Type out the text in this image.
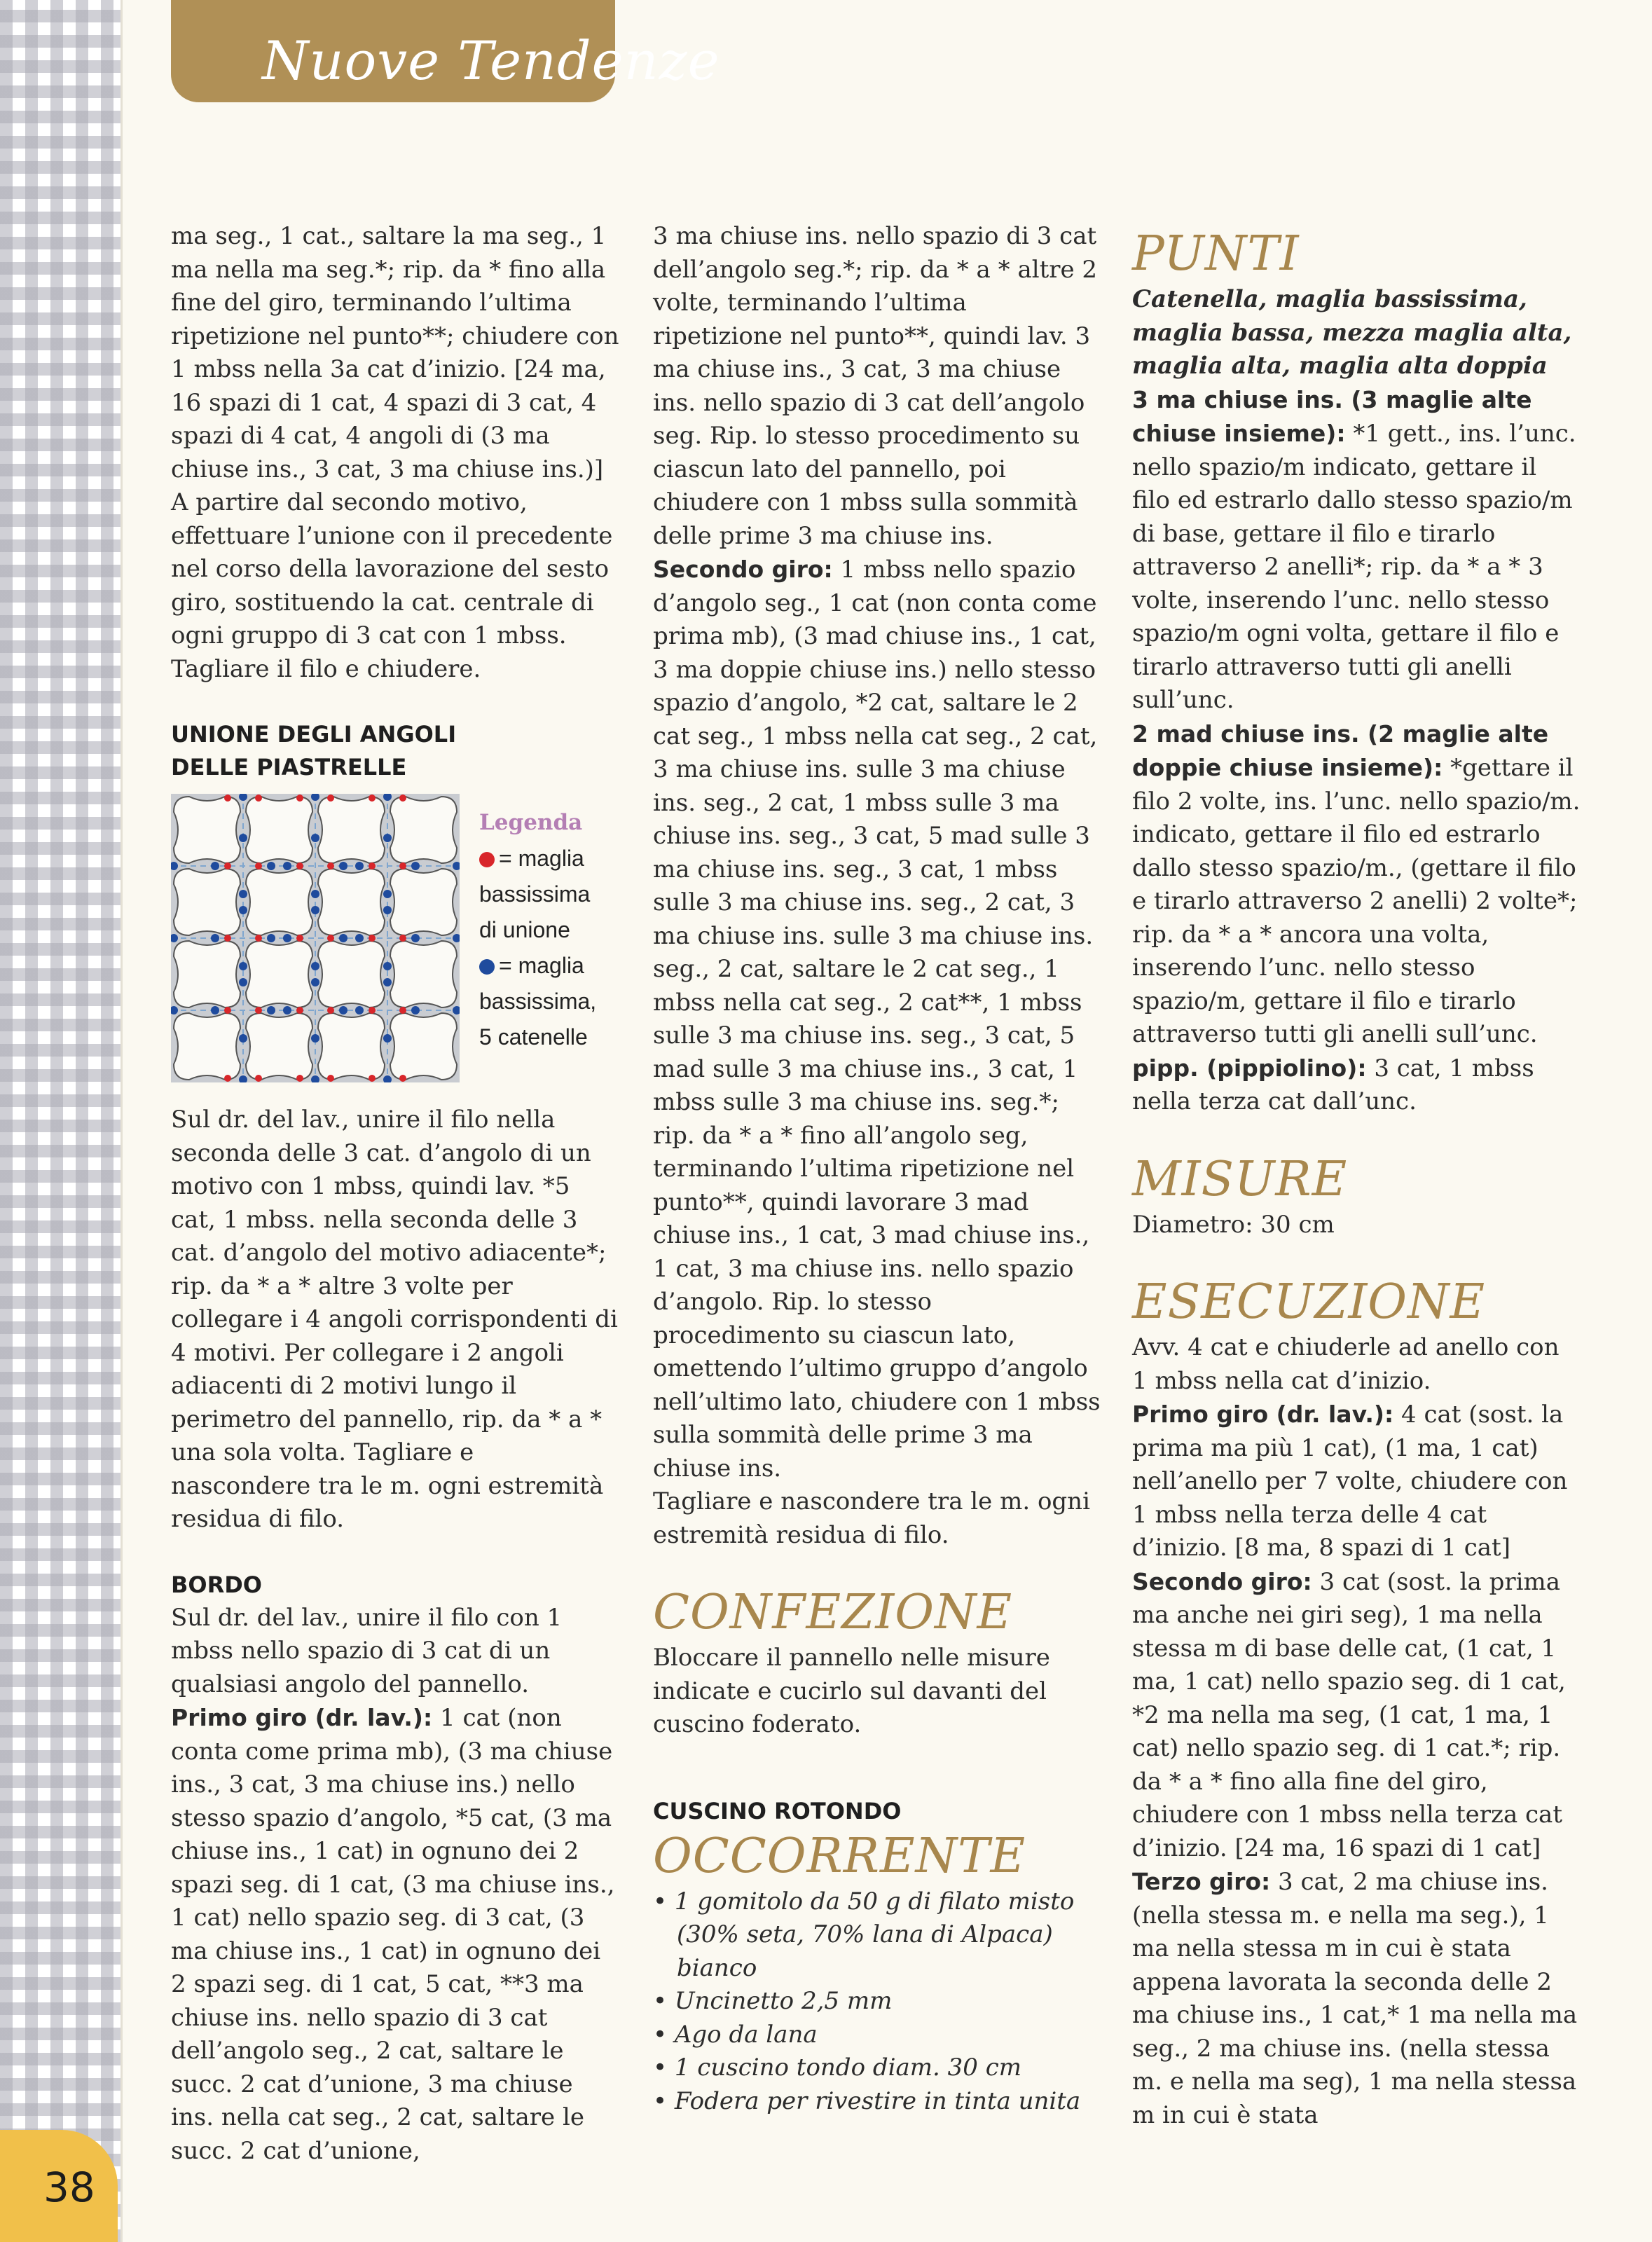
Nuove Tendenze

ma seg., 1 cat., saltare la ma seg., 1 ma nella ma seg.*; rip. da * fino alla fine del giro, terminando l’ultima ripetizione nel punto**; chiudere con 1 mbss nella 3a cat d’inizio. [24 ma, 16 spazi di 1 cat, 4 spazi di 3 cat, 4 spazi di 4 cat, 4 angoli di (3 ma chiuse ins., 3 cat, 3 ma chiuse ins.)] A partire dal secondo motivo, effettuare l’unione con il precedente nel corso della lavorazione del sesto giro, sostituendo la cat. centrale di ogni gruppo di 3 cat con 1 mbss. Tagliare il filo e chiudere.

UNIONE DEGLI ANGOLI
DELLE PIASTRELLE
Legenda
= maglia
bassissima
di unione
= maglia
bassissima,
5 catenelle

Sul dr. del lav., unire il filo nella seconda delle 3 cat. d’angolo di un motivo con 1 mbss, quindi lav. *5 cat, 1 mbss. nella seconda delle 3 cat. d’angolo del motivo adiacente*; rip. da * a * altre 3 volte per collegare i 4 angoli corrispondenti di 4 motivi. Per collegare i 2 angoli adiacenti di 2 motivi lungo il perimetro del pannello, rip. da * a * una sola volta. Tagliare e nascondere tra le m. ogni estremità residua di filo.

BORDO

Sul dr. del lav., unire il filo con 1 mbss nello spazio di 3 cat di un qualsiasi angolo del pannello.

Primo giro (dr. lav.): 1 cat (non conta come prima mb), (3 ma chiuse ins., 3 cat, 3 ma chiuse ins.) nello stesso spazio d’angolo, *5 cat, (3 ma chiuse ins., 1 cat) in ognuno dei 2 spazi seg. di 1 cat, (3 ma chiuse ins., 1 cat) nello spazio seg. di 3 cat, (3 ma chiuse ins., 1 cat) in ognuno dei 2 spazi seg. di 1 cat, 5 cat, **3 ma chiuse ins. nello spazio di 3 cat dell’angolo seg., 2 cat, saltare le succ. 2 cat d’unione, 3 ma chiuse ins. nella cat seg., 2 cat, saltare le succ. 2 cat d’unione,

3 ma chiuse ins. nello spazio di 3 cat dell’angolo seg.*; rip. da * a * altre 2 volte, terminando l’ultima ripetizione nel punto**, quindi lav. 3 ma chiuse ins., 3 cat, 3 ma chiuse ins. nello spazio di 3 cat dell’angolo seg. Rip. lo stesso procedimento su ciascun lato del pannello, poi chiudere con 1 mbss sulla sommità delle prime 3 ma chiuse ins.

Secondo giro: 1 mbss nello spazio d’angolo seg., 1 cat (non conta come prima mb), (3 mad chiuse ins., 1 cat, 3 ma doppie chiuse ins.) nello stesso spazio d’angolo, *2 cat, saltare le 2 cat seg., 1 mbss nella cat seg., 2 cat, 3 ma chiuse ins. sulle 3 ma chiuse ins. seg., 2 cat, 1 mbss sulle 3 ma chiuse ins. seg., 3 cat, 5 mad sulle 3 ma chiuse ins. seg., 3 cat, 1 mbss sulle 3 ma chiuse ins. seg., 2 cat, 3 ma chiuse ins. sulle 3 ma chiuse ins. seg., 2 cat, saltare le 2 cat seg., 1 mbss nella cat seg., 2 cat**, 1 mbss sulle 3 ma chiuse ins. seg., 3 cat, 5 mad sulle 3 ma chiuse ins., 3 cat, 1 mbss sulle 3 ma chiuse ins. seg.*; rip. da * a * fino all’angolo seg, terminando l’ultima ripetizione nel punto**, quindi lavorare 3 mad chiuse ins., 1 cat, 3 mad chiuse ins., 1 cat, 3 ma chiuse ins. nello spazio d’angolo. Rip. lo stesso procedimento su ciascun lato, omettendo l’ultimo gruppo d’angolo nell’ultimo lato, chiudere con 1 mbss sulla sommità delle prime 3 ma chiuse ins.

Tagliare e nascondere tra le m. ogni estremità residua di filo.

CONFEZIONE

Bloccare il pannello nelle misure indicate e cucirlo sul davanti del cuscino foderato.

CUSCINO ROTONDO
OCCORRENTE

• 1 gomitolo da 50 g di filato misto

(30% seta, 70% lana di Alpaca) bianco

• Uncinetto 2,5 mm

• Ago da lana

• 1 cuscino tondo diam. 30 cm

• Fodera per rivestire in tinta unita

PUNTI

Catenella, maglia bassissima, maglia bassa, mezza maglia alta, maglia alta, maglia alta doppia

3 ma chiuse ins. (3 maglie alte chiuse insieme): *1 gett., ins. l’unc. nello spazio/m indicato, gettare il filo ed estrarlo dallo stesso spazio/m di base, gettare il filo e tirarlo attraverso 2 anelli*; rip. da * a * 3 volte, inserendo l’unc. nello stesso spazio/m ogni volta, gettare il filo e tirarlo attraverso tutti gli anelli sull’unc.

2 mad chiuse ins. (2 maglie alte doppie chiuse insieme): *gettare il filo 2 volte, ins. l’unc. nello spazio/m. indicato, gettare il filo ed estrarlo dallo stesso spazio/m., (gettare il filo e tirarlo attraverso 2 anelli) 2 volte*; rip. da * a * ancora una volta, inserendo l’unc. nello stesso spazio/m, gettare il filo e tirarlo attraverso tutti gli anelli sull’unc.

pipp. (pippiolino): 3 cat, 1 mbss nella terza cat dall’unc.

MISURE

Diametro: 30 cm

ESECUZIONE

Avv. 4 cat e chiuderle ad anello con 1 mbss nella cat d’inizio.

Primo giro (dr. lav.): 4 cat (sost. la prima ma più 1 cat), (1 ma, 1 cat) nell’anello per 7 volte, chiudere con 1 mbss nella terza delle 4 cat d’inizio. [8 ma, 8 spazi di 1 cat]

Secondo giro: 3 cat (sost. la prima ma anche nei giri seg), 1 ma nella stessa m di base delle cat, (1 cat, 1 ma, 1 cat) nello spazio seg. di 1 cat, *2 ma nella ma seg, (1 cat, 1 ma, 1 cat) nello spazio seg. di 1 cat.*; rip. da * a * fino alla fine del giro, chiudere con 1 mbss nella terza cat d’inizio. [24 ma, 16 spazi di 1 cat]

Terzo giro: 3 cat, 2 ma chiuse ins. (nella stessa m. e nella ma seg.), 1 ma nella stessa m in cui è stata appena lavorata la seconda delle 2 ma chiuse ins., 1 cat,* 1 ma nella ma seg., 2 ma chiuse ins. (nella stessa m. e nella ma seg), 1 ma nella stessa m in cui è stata

38
